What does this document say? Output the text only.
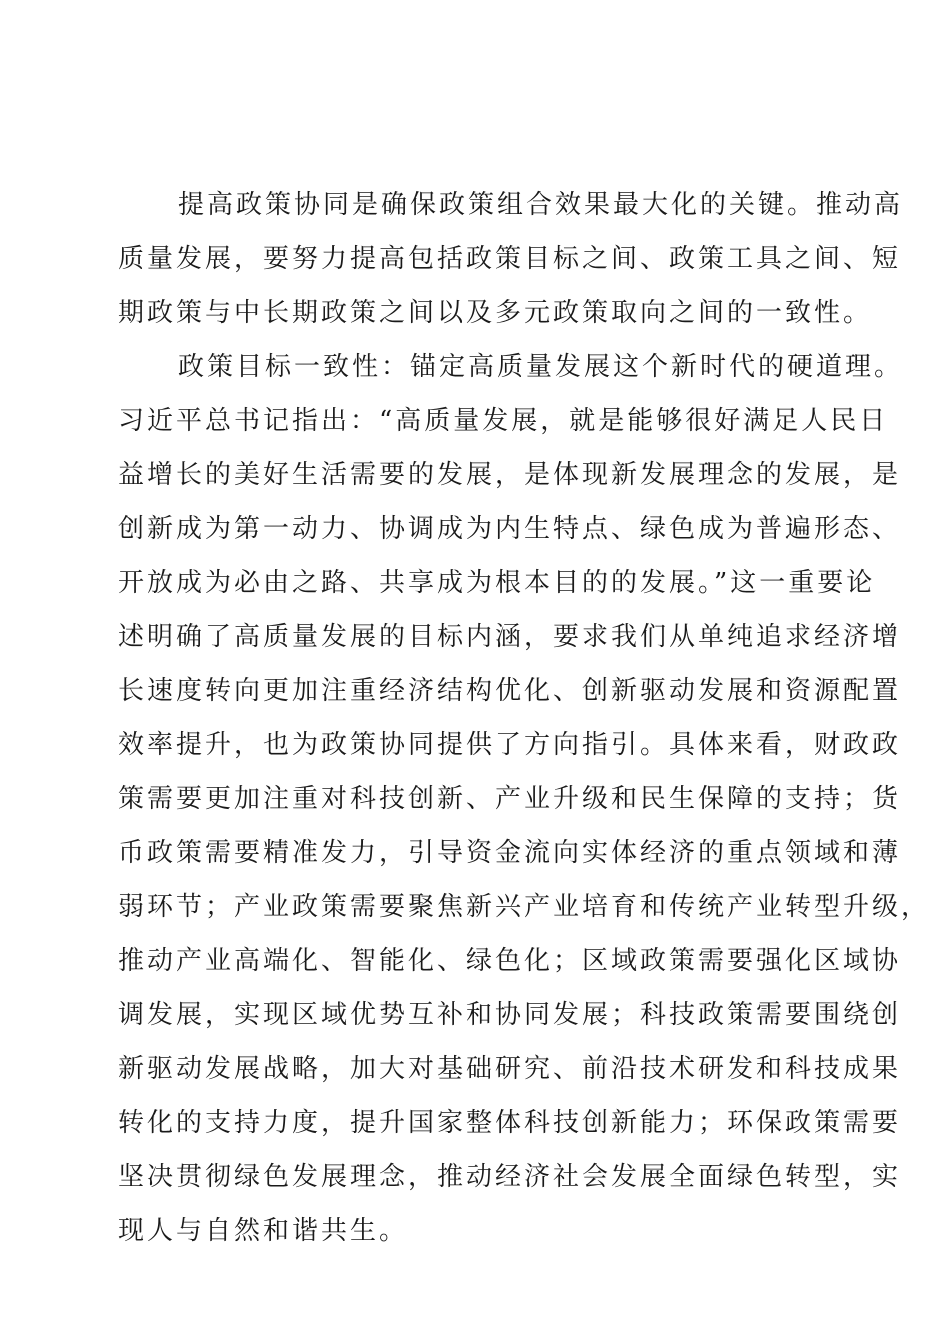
提高政策协同是确保政策组合效果最大化的关键。推动高
质量发展，要努力提高包括政策目标之间、政策工具之间、短
期政策与中长期政策之间以及多元政策取向之间的一致性。

政策目标一致性：锚定高质量发展这个新时代的硬道理。
习近平总书记指出：“高质量发展，就是能够很好满足人民日
益增长的美好生活需要的发展，是体现新发展理念的发展，是
创新成为第一动力、协调成为内生特点、绿色成为普遍形态、
开放成为必由之路、共享成为根本目的的发展。”这一重要论
述明确了高质量发展的目标内涵，要求我们从单纯追求经济增
长速度转向更加注重经济结构优化、创新驱动发展和资源配置
效率提升，也为政策协同提供了方向指引。具体来看，财政政
策需要更加注重对科技创新、产业升级和民生保障的支持；货
币政策需要精准发力，引导资金流向实体经济的重点领域和薄
弱环节；产业政策需要聚焦新兴产业培育和传统产业转型升级，
推动产业高端化、智能化、绿色化；区域政策需要强化区域协
调发展，实现区域优势互补和协同发展；科技政策需要围绕创
新驱动发展战略，加大对基础研究、前沿技术研发和科技成果
转化的支持力度，提升国家整体科技创新能力；环保政策需要
坚决贯彻绿色发展理念，推动经济社会发展全面绿色转型，实
现人与自然和谐共生。
